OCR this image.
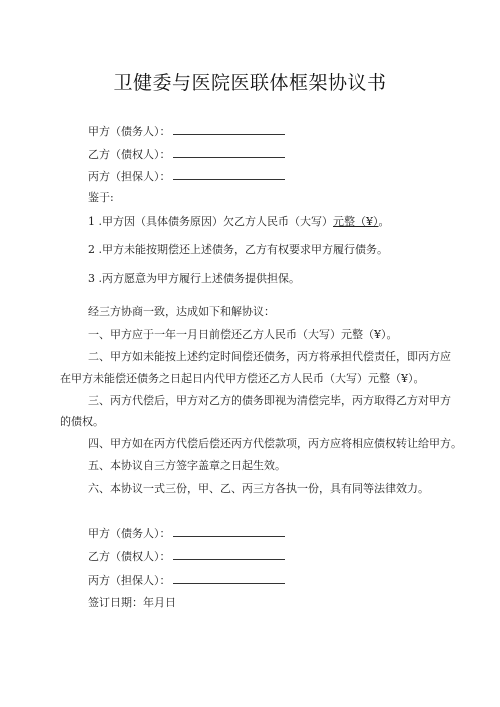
卫健委与医院医联体框架协议书
甲方（债务人）：
乙方（债权人）：
丙方（担保人）：
鉴于:
1 .甲方因（具体债务原因）欠乙方人民币（大写）元整（¥）。
2 .甲方未能按期偿还上述债务，乙方有权要求甲方履行债务。
3 .丙方愿意为甲方履行上述债务提供担保。
经三方协商一致，达成如下和解协议：
一、甲方应于一年一月日前偿还乙方人民币（大写）元整（¥）。
二、甲方如未能按上述约定时间偿还债务，丙方将承担代偿责任，即丙方应
在甲方未能偿还债务之日起日内代甲方偿还乙方人民币（大写）元整（¥）。
三、丙方代偿后，甲方对乙方的债务即视为清偿完毕，丙方取得乙方对甲方
的债权。
四、甲方如在丙方代偿后偿还丙方代偿款项，丙方应将相应债权转让给甲方。
五、本协议自三方签字盖章之日起生效。
六、本协议一式三份，甲、乙、丙三方各执一份，具有同等法律效力。
甲方（债务人）：
乙方（债权人）：
丙方（担保人）：
签订日期：年月日
